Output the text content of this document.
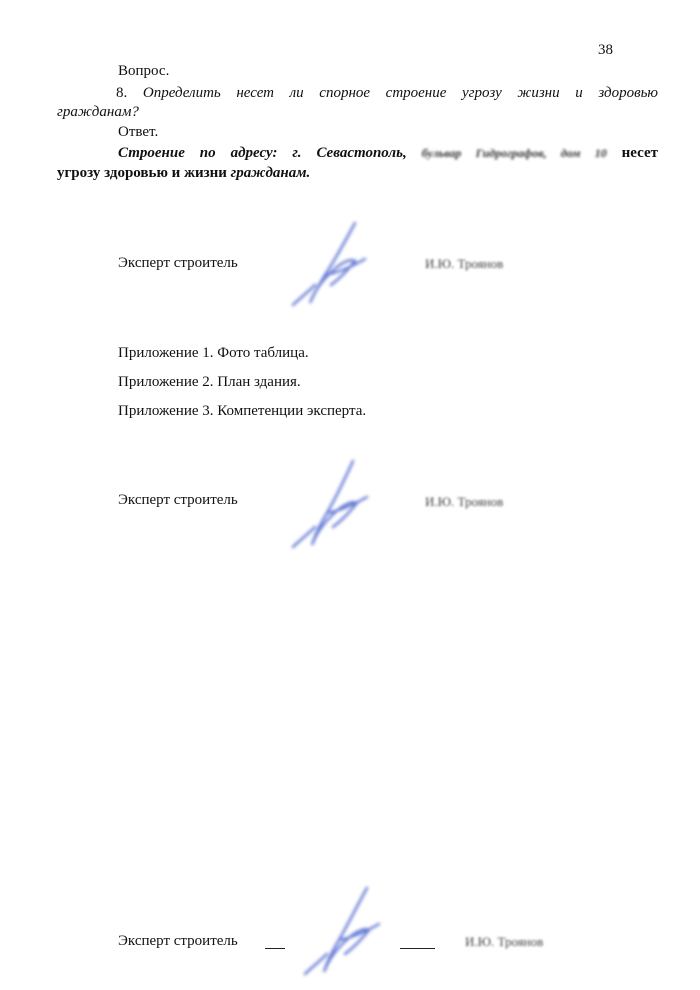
38
Вопрос.
8. Определить несет ли спорное строение угрозу жизни и здоровью
гражданам?
Ответ.
Строение по адресу: г. Севастополь, бульвар Гидрографов, дом 10 несет
угрозу здоровью и жизни гражданам.
Эксперт строитель	И.Ю. Троянов
Приложение 1. Фото таблица.
Приложение 2. План здания.
Приложение 3. Компетенции эксперта.
Эксперт строитель	И.Ю. Троянов
Эксперт строитель	И.Ю. Троянов
